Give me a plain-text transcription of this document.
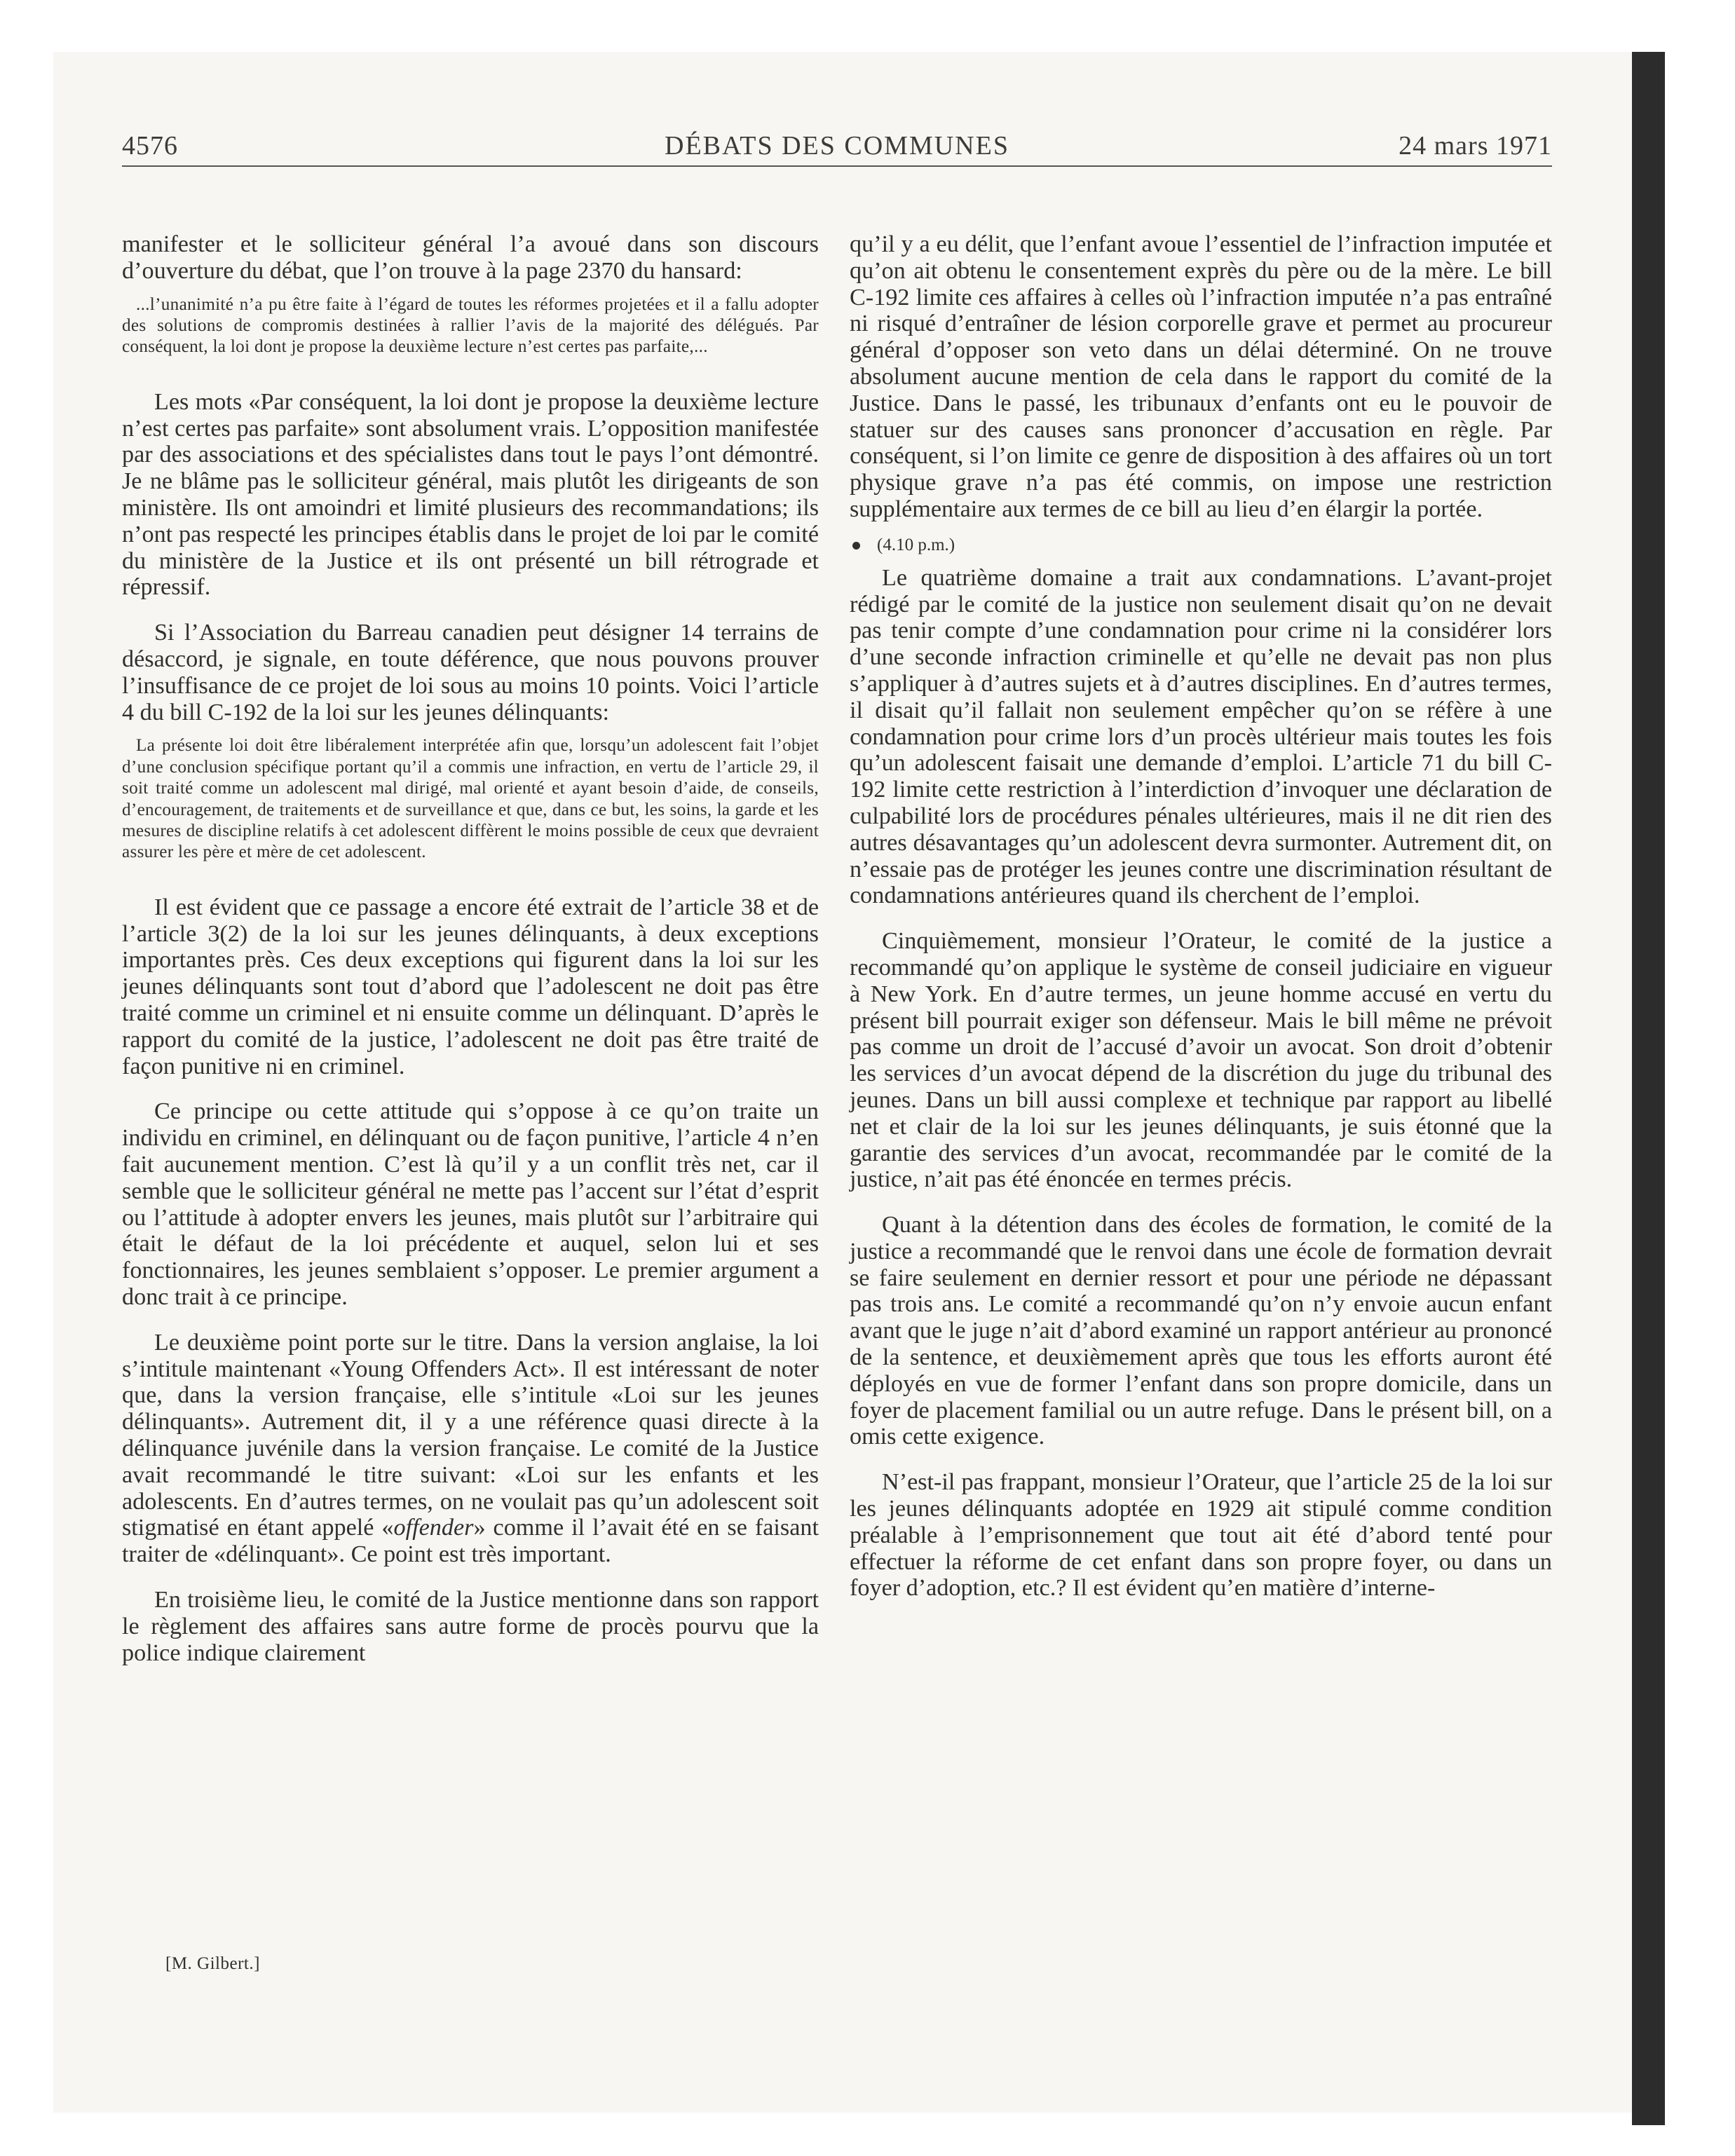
DÉBATS DES COMMUNES
4576	24 mars 1971

manifester et le solliciteur général l’a avoué dans son discours d’ouverture du débat, que l’on trouve à la page 2370 du hansard:

...l’unanimité n’a pu être faite à l’égard de toutes les réformes projetées et il a fallu adopter des solutions de compromis destinées à rallier l’avis de la majorité des délégués. Par conséquent, la loi dont je propose la deuxième lecture n’est certes pas parfaite,...

Les mots «Par conséquent, la loi dont je propose la deuxième lecture n’est certes pas parfaite» sont absolument vrais. L’opposition manifestée par des associations et des spécialistes dans tout le pays l’ont démontré. Je ne blâme pas le solliciteur général, mais plutôt les dirigeants de son ministère. Ils ont amoindri et limité plusieurs des recommandations; ils n’ont pas respecté les principes établis dans le projet de loi par le comité du ministère de la Justice et ils ont présenté un bill rétrograde et répressif.

Si l’Association du Barreau canadien peut désigner 14 terrains de désaccord, je signale, en toute déférence, que nous pouvons prouver l’insuffisance de ce projet de loi sous au moins 10 points. Voici l’article 4 du bill C-192 de la loi sur les jeunes délinquants:

La présente loi doit être libéralement interprétée afin que, lorsqu’un adolescent fait l’objet d’une conclusion spécifique portant qu’il a commis une infraction, en vertu de l’article 29, il soit traité comme un adolescent mal dirigé, mal orienté et ayant besoin d’aide, de conseils, d’encouragement, de traitements et de surveillance et que, dans ce but, les soins, la garde et les mesures de discipline relatifs à cet adolescent diffèrent le moins possible de ceux que devraient assurer les père et mère de cet adolescent.

Il est évident que ce passage a encore été extrait de l’article 38 et de l’article 3(2) de la loi sur les jeunes délinquants, à deux exceptions importantes près. Ces deux exceptions qui figurent dans la loi sur les jeunes délinquants sont tout d’abord que l’adolescent ne doit pas être traité comme un criminel et ni ensuite comme un délinquant. D’après le rapport du comité de la justice, l’adolescent ne doit pas être traité de façon punitive ni en criminel.

Ce principe ou cette attitude qui s’oppose à ce qu’on traite un individu en criminel, en délinquant ou de façon punitive, l’article 4 n’en fait aucunement mention. C’est là qu’il y a un conflit très net, car il semble que le solliciteur général ne mette pas l’accent sur l’état d’esprit ou l’attitude à adopter envers les jeunes, mais plutôt sur l’arbitraire qui était le défaut de la loi précédente et auquel, selon lui et ses fonctionnaires, les jeunes semblaient s’opposer. Le premier argument a donc trait à ce principe.

Le deuxième point porte sur le titre. Dans la version anglaise, la loi s’intitule maintenant «Young Offenders Act». Il est intéressant de noter que, dans la version française, elle s’intitule «Loi sur les jeunes délinquants». Autrement dit, il y a une référence quasi directe à la délinquance juvénile dans la version française. Le comité de la Justice avait recommandé le titre suivant: «Loi sur les enfants et les adolescents. En d’autres termes, on ne voulait pas qu’un adolescent soit stigmatisé en étant appelé «offender» comme il l’avait été en se faisant traiter de «délinquant». Ce point est très important.

En troisième lieu, le comité de la Justice mentionne dans son rapport le règlement des affaires sans autre forme de procès pourvu que la police indique clairement

[M. Gilbert.]

qu’il y a eu délit, que l’enfant avoue l’essentiel de l’infraction imputée et qu’on ait obtenu le consentement exprès du père ou de la mère. Le bill C-192 limite ces affaires à celles où l’infraction imputée n’a pas entraîné ni risqué d’entraîner de lésion corporelle grave et permet au procureur général d’opposer son veto dans un délai déterminé. On ne trouve absolument aucune mention de cela dans le rapport du comité de la Justice. Dans le passé, les tribunaux d’enfants ont eu le pouvoir de statuer sur des causes sans prononcer d’accusation en règle. Par conséquent, si l’on limite ce genre de disposition à des affaires où un tort physique grave n’a pas été commis, on impose une restriction supplémentaire aux termes de ce bill au lieu d’en élargir la portée.

(4.10 p.m.)

Le quatrième domaine a trait aux condamnations. L’avant-projet rédigé par le comité de la justice non seulement disait qu’on ne devait pas tenir compte d’une condamnation pour crime ni la considérer lors d’une seconde infraction criminelle et qu’elle ne devait pas non plus s’appliquer à d’autres sujets et à d’autres disciplines. En d’autres termes, il disait qu’il fallait non seulement empêcher qu’on se réfère à une condamnation pour crime lors d’un procès ultérieur mais toutes les fois qu’un adolescent faisait une demande d’emploi. L’article 71 du bill C-192 limite cette restriction à l’interdiction d’invoquer une déclaration de culpabilité lors de procédures pénales ultérieures, mais il ne dit rien des autres désavantages qu’un adolescent devra surmonter. Autrement dit, on n’essaie pas de protéger les jeunes contre une discrimination résultant de condamnations antérieures quand ils cherchent de l’emploi.

Cinquièmement, monsieur l’Orateur, le comité de la justice a recommandé qu’on applique le système de conseil judiciaire en vigueur à New York. En d’autre termes, un jeune homme accusé en vertu du présent bill pourrait exiger son défenseur. Mais le bill même ne prévoit pas comme un droit de l’accusé d’avoir un avocat. Son droit d’obtenir les services d’un avocat dépend de la discrétion du juge du tribunal des jeunes. Dans un bill aussi complexe et technique par rapport au libellé net et clair de la loi sur les jeunes délinquants, je suis étonné que la garantie des services d’un avocat, recommandée par le comité de la justice, n’ait pas été énoncée en termes précis.

Quant à la détention dans des écoles de formation, le comité de la justice a recommandé que le renvoi dans une école de formation devrait se faire seulement en dernier ressort et pour une période ne dépassant pas trois ans. Le comité a recommandé qu’on n’y envoie aucun enfant avant que le juge n’ait d’abord examiné un rapport antérieur au prononcé de la sentence, et deuxièmement après que tous les efforts auront été déployés en vue de former l’enfant dans son propre domicile, dans un foyer de placement familial ou un autre refuge. Dans le présent bill, on a omis cette exigence.

N’est-il pas frappant, monsieur l’Orateur, que l’article 25 de la loi sur les jeunes délinquants adoptée en 1929 ait stipulé comme condition préalable à l’emprisonnement que tout ait été d’abord tenté pour effectuer la réforme de cet enfant dans son propre foyer, ou dans un foyer d’adoption, etc.? Il est évident qu’en matière d’interne-
